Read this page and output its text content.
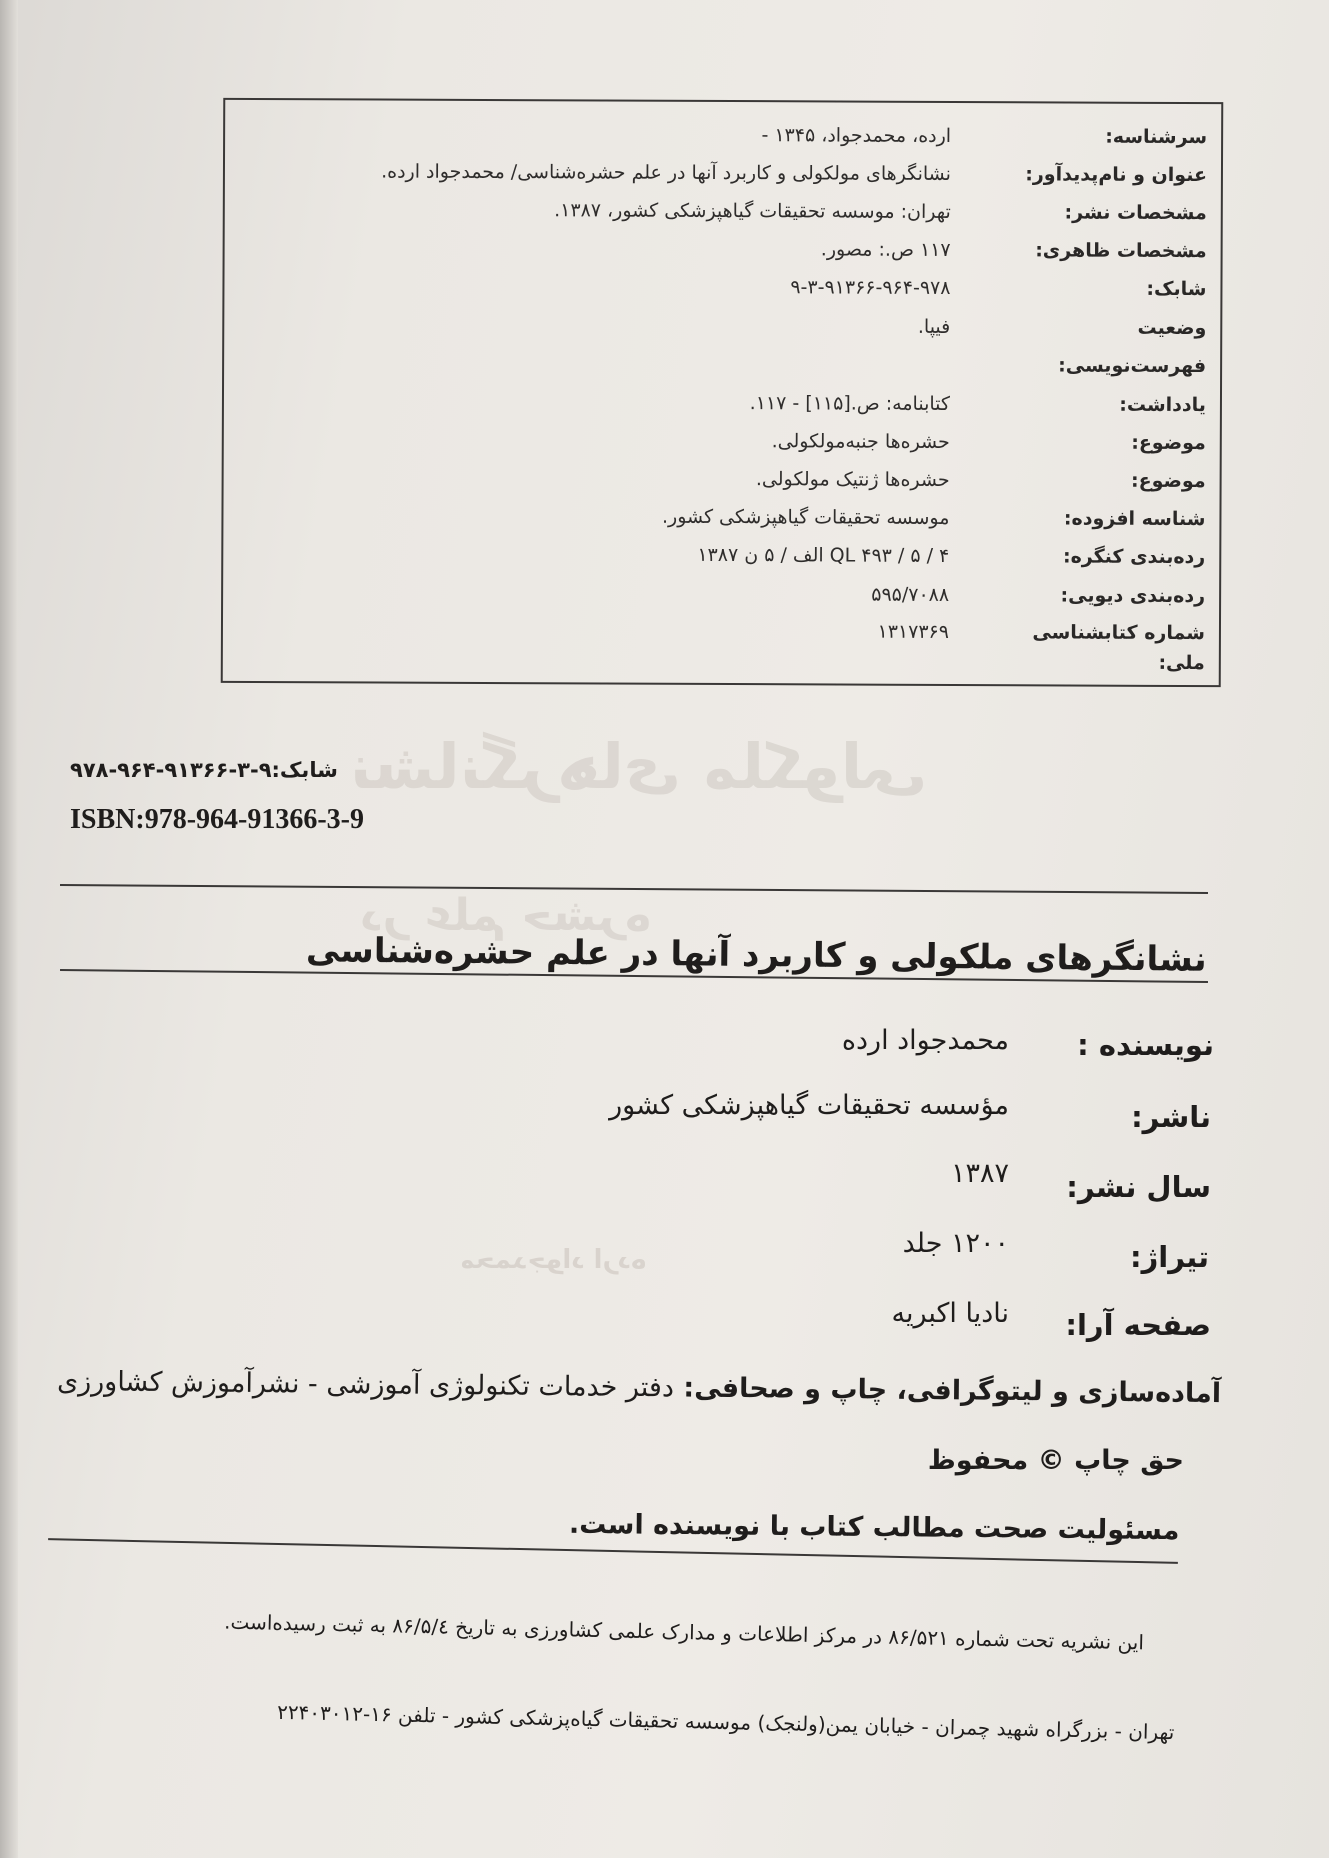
نشانگرهای ملکولی
در علم حشره
محمدجواد ارده
سرشناسه:
ارده، محمدجواد، ۱۳۴۵ -
عنوان و نام‌پدیدآور:
نشانگرهای مولکولی و کاربرد آنها در علم حشره‌شناسی/ محمدجواد ارده.
مشخصات نشر:
تهران: موسسه تحقیقات گیاهپزشکی کشور، ۱۳۸۷.
مشخصات ظاهری:
۱۱۷ ص.: مصور.
شابک:
۹-۳-۹۱۳۶۶-۹۶۴-۹۷۸
وضعیت
فیپا.
فهرست‌نویسی:
یادداشت:
کتابنامه: ص.[۱۱۵] - ۱۱۷.
موضوع:
حشره‌ها جنبه‌مولکولی.
موضوع:
حشره‌ها ژنتیک مولکولی.
شناسه افزوده:
موسسه تحقیقات گیاهپزشکی کشور.
رده‌بندی کنگره:
QL ۴۹۳ / ۵ / ۴ الف / ۵ ن ۱۳۸۷
رده‌بندی دیویی:
۵۹۵/۷۰۸۸
شماره کتابشناسی
۱۳۱۷۳۶۹
ملی:
شابک:۹-۳-۹۱۳۶۶-۹۶۴-۹۷۸
ISBN:978-964-91366-3-9
نشانگرهای ملکولی و کاربرد آنها در علم حشره‌شناسی
نویسنده :
محمدجواد ارده
ناشر:
مؤسسه تحقیقات گیاهپزشکی کشور
سال نشر:
۱۳۸۷
تیراژ:
۱۲۰۰ جلد
صفحه آرا:
نادیا اکبریه
آماده‌سازی و لیتوگرافی، چاپ و صحافی: دفتر خدمات تکنولوژی آموزشی - نشرآموزش کشاورزی
حق چاپ © محفوظ
مسئولیت صحت مطالب کتاب با نویسنده است.
این نشریه تحت شماره ۸۶/۵۲۱ در مرکز اطلاعات و مدارک علمی کشاورزی به تاریخ ۸۶/۵/٤ به ثبت رسیده‌است.
تهران - بزرگراه شهید چمران - خیابان یمن(ولنجک) موسسه تحقیقات گیاه‌پزشکی کشور - تلفن ۱۶-۲۲۴۰۳۰۱۲
